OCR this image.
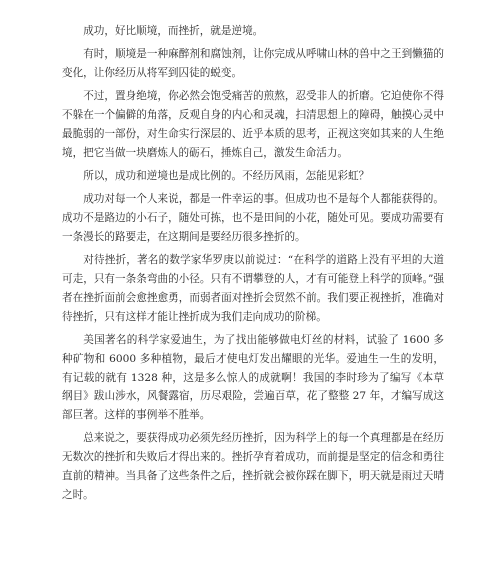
成功，好比顺境，而挫折，就是逆境。

有时，顺境是一种麻醉剂和腐蚀剂，让你完成从呼啸山林的兽中之王到懒猫的变化，让你经历从将军到囚徒的蜕变。

不过，置身绝境，你必然会饱受痛苦的煎熬，忍受非人的折磨。它迫使你不得不躲在一个偏僻的角落，反观自身的内心和灵魂，扫清思想上的障碍，触摸心灵中最脆弱的一部份，对生命实行深层的、近乎本质的思考，正视这突如其来的人生绝境，把它当做一块磨炼人的砺石，捶炼自己，激发生命活力。

所以，成功和逆境也是成比例的。不经历风雨，怎能见彩虹？

成功对每一个人来说，都是一件幸运的事。但成功也不是每个人都能获得的。成功不是路边的小石子，随处可拣，也不是田间的小花，随处可见。要成功需要有一条漫长的路要走，在这期间是要经历很多挫折的。

对待挫折，著名的数学家华罗庚以前说过：“在科学的道路上没有平坦的大道可走，只有一条条弯曲的小径。只有不谓攀登的人，才有可能登上科学的顶峰。”强者在挫折面前会愈挫愈勇，而弱者面对挫折会贸然不前。我们要正视挫折，准确对待挫折，只有这样才能让挫折成为我们走向成功的阶梯。

美国著名的科学家爱迪生，为了找出能够做电灯丝的材料，试验了 1600 多种矿物和 6000 多种植物，最后才使电灯发出耀眼的光华。爱迪生一生的发明，有记载的就有 1328 种，这是多么惊人的成就啊！我国的李时珍为了编写《本草纲目》跋山涉水，风餐露宿，历尽艰险，尝遍百草，花了整整 27 年，才编写成这部巨著。这样的事例举不胜举。

总来说之，要获得成功必须先经历挫折，因为科学上的每一个真理都是在经历无数次的挫折和失败后才得出来的。挫折孕育着成功，而前提是坚定的信念和勇往直前的精神。当具备了这些条件之后，挫折就会被你踩在脚下，明天就是雨过天晴之时。
